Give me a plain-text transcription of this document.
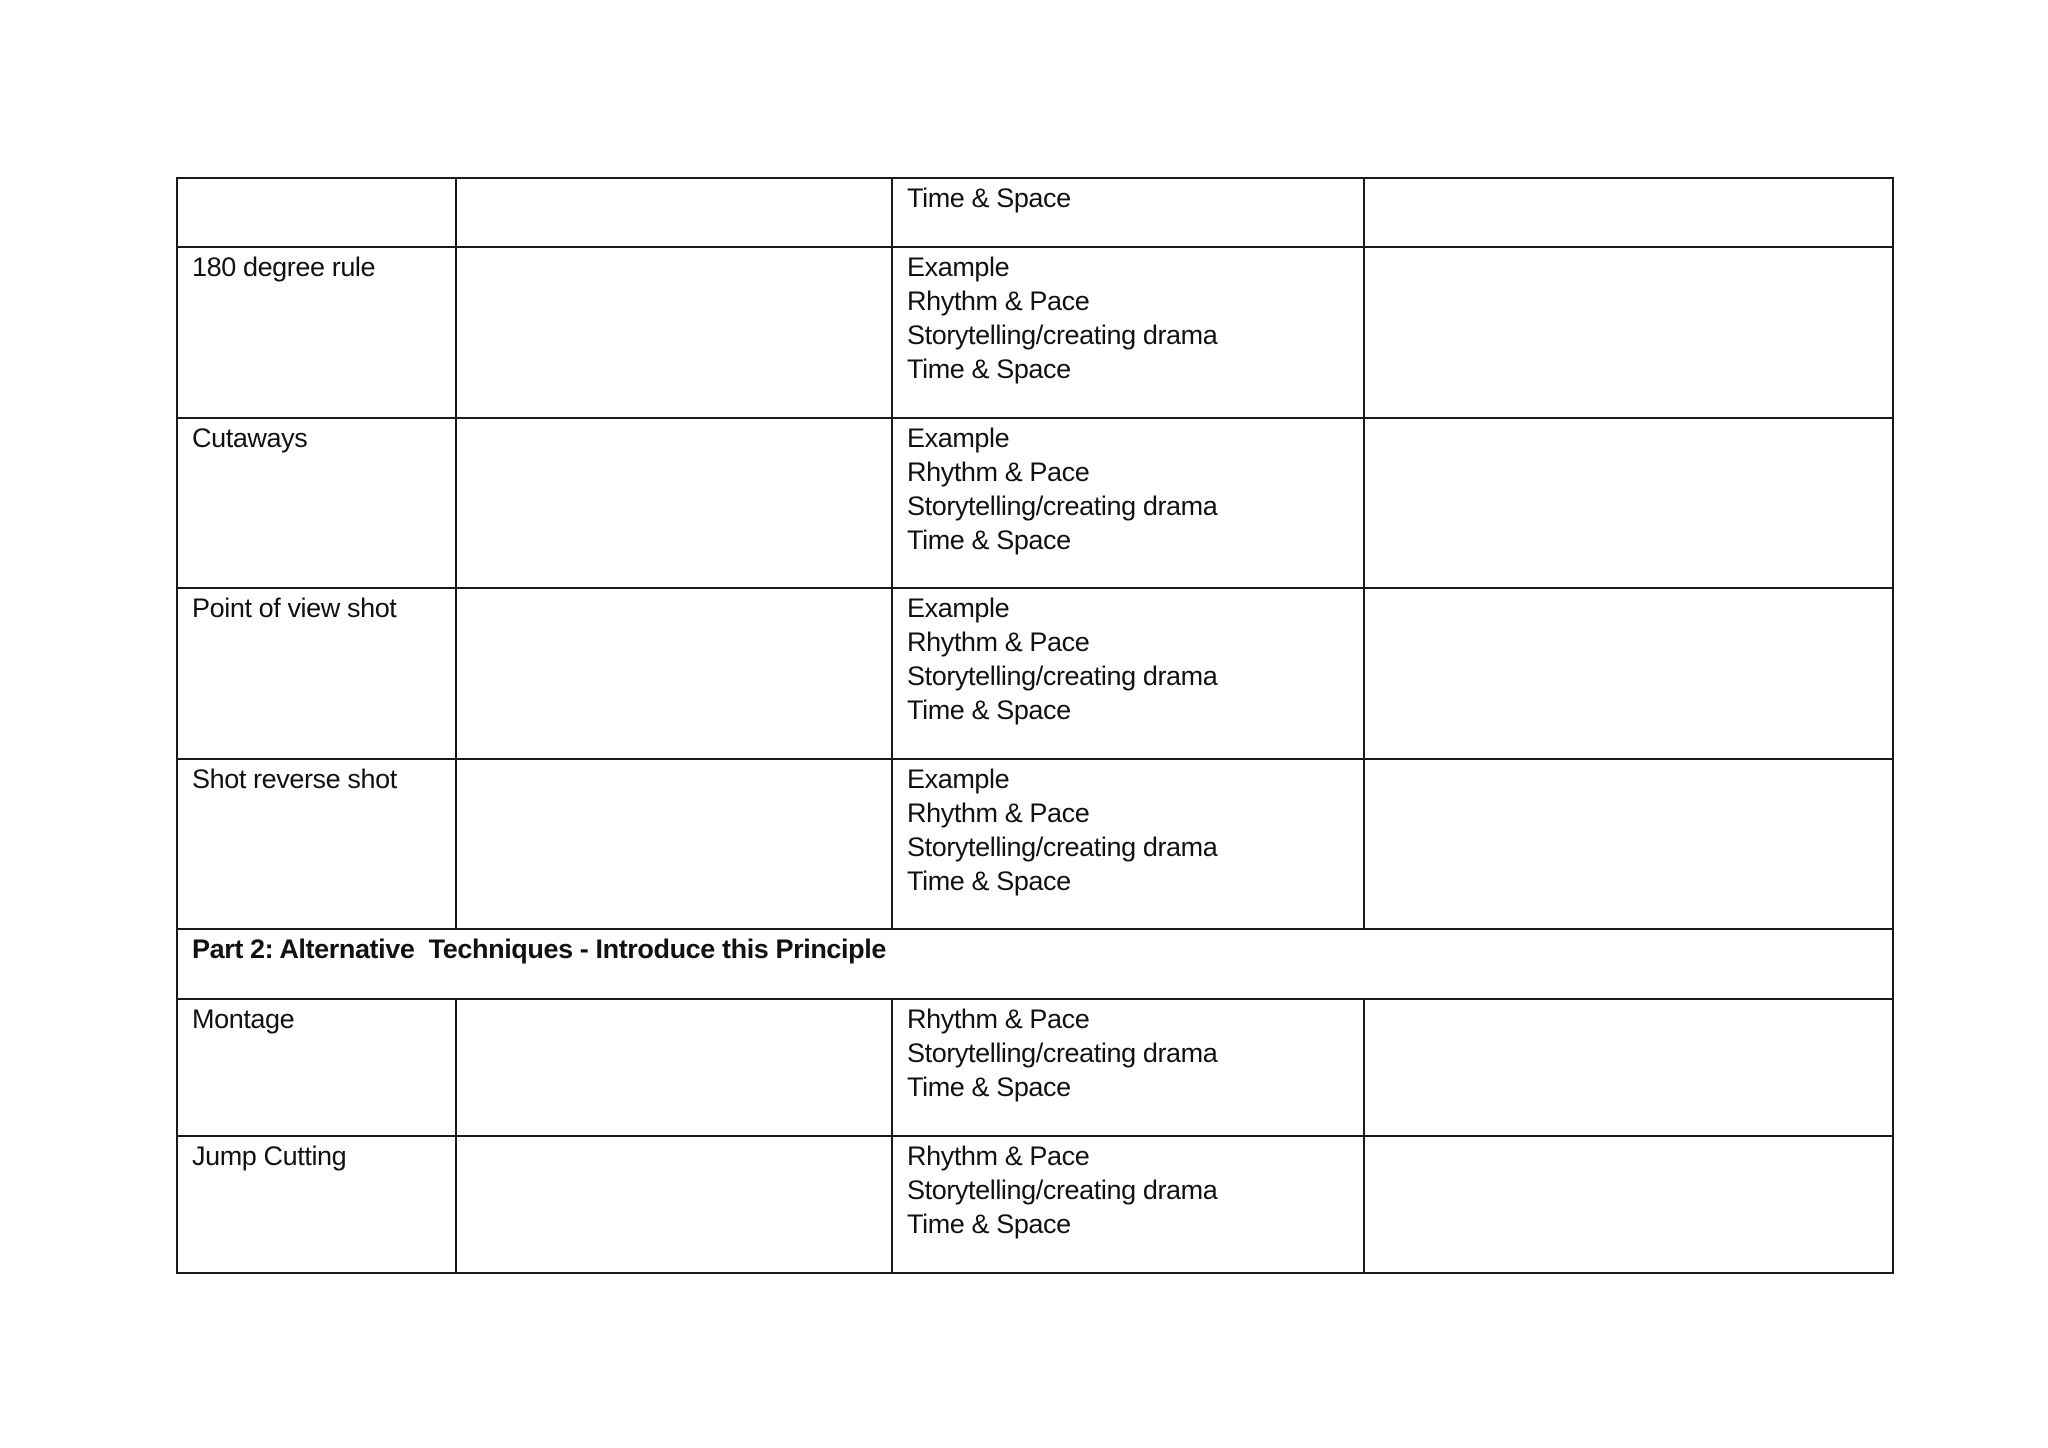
		Time & Space	

180 degree rule		Example
Rhythm & Pace
Storytelling/creating drama
Time & Space	

Cutaways		Example
Rhythm & Pace
Storytelling/creating drama
Time & Space	

Point of view shot		Example
Rhythm & Pace
Storytelling/creating drama
Time & Space	

Shot reverse shot		Example
Rhythm & Pace
Storytelling/creating drama
Time & Space	

Part 2: Alternative  Techniques - Introduce this Principle			
Montage		Rhythm & Pace
Storytelling/creating drama
Time & Space	

Jump Cutting		Rhythm & Pace
Storytelling/creating drama
Time & Space	
